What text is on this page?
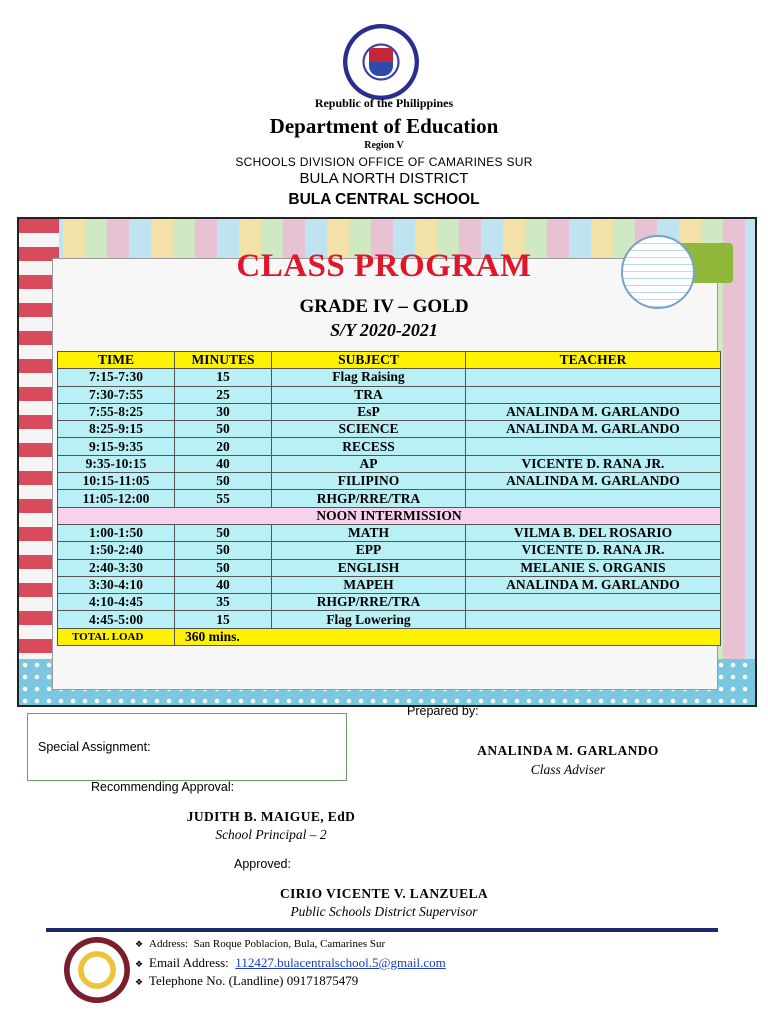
Republic of the Philippines
Department of Education
Region V
SCHOOLS DIVISION OFFICE OF CAMARINES SUR
BULA NORTH DISTRICT
BULA CENTRAL SCHOOL
CLASS PROGRAM
GRADE IV – GOLD
S/Y 2020-2021
TIME	MINUTES	SUBJECT	TEACHER
7:15-7:30	15	Flag Raising	
7:30-7:55	25	TRA	
7:55-8:25	30	EsP	ANALINDA M. GARLANDO
8:25-9:15	50	SCIENCE	ANALINDA M. GARLANDO
9:15-9:35	20	RECESS	
9:35-10:15	40	AP	VICENTE D. RANA JR.
10:15-11:05	50	FILIPINO	ANALINDA M. GARLANDO
11:05-12:00	55	RHGP/RRE/TRA	
NOON INTERMISSION			
1:00-1:50	50	MATH	VILMA B. DEL ROSARIO
1:50-2:40	50	EPP	VICENTE D. RANA JR.
2:40-3:30	50	ENGLISH	MELANIE S. ORGANIS
3:30-4:10	40	MAPEH	ANALINDA M. GARLANDO
4:10-4:45	35	RHGP/RRE/TRA	
4:45-5:00	15	Flag Lowering	
TOTAL LOAD	360 mins.		
Prepared by:
Special Assignment:	ANALINDA M. GARLANDO
Class Adviser
Recommending Approval:
JUDITH B. MAIGUE, EdD
School Principal – 2
Approved:
CIRIO VICENTE V. LANZUELA
Public Schools District Supervisor
❖ Address: San Roque Poblacion, Bula, Camarines Sur
❖ Email Address: 112427.bulacentralschool.5@gmail.com
❖ Telephone No. (Landline) 09171875479
